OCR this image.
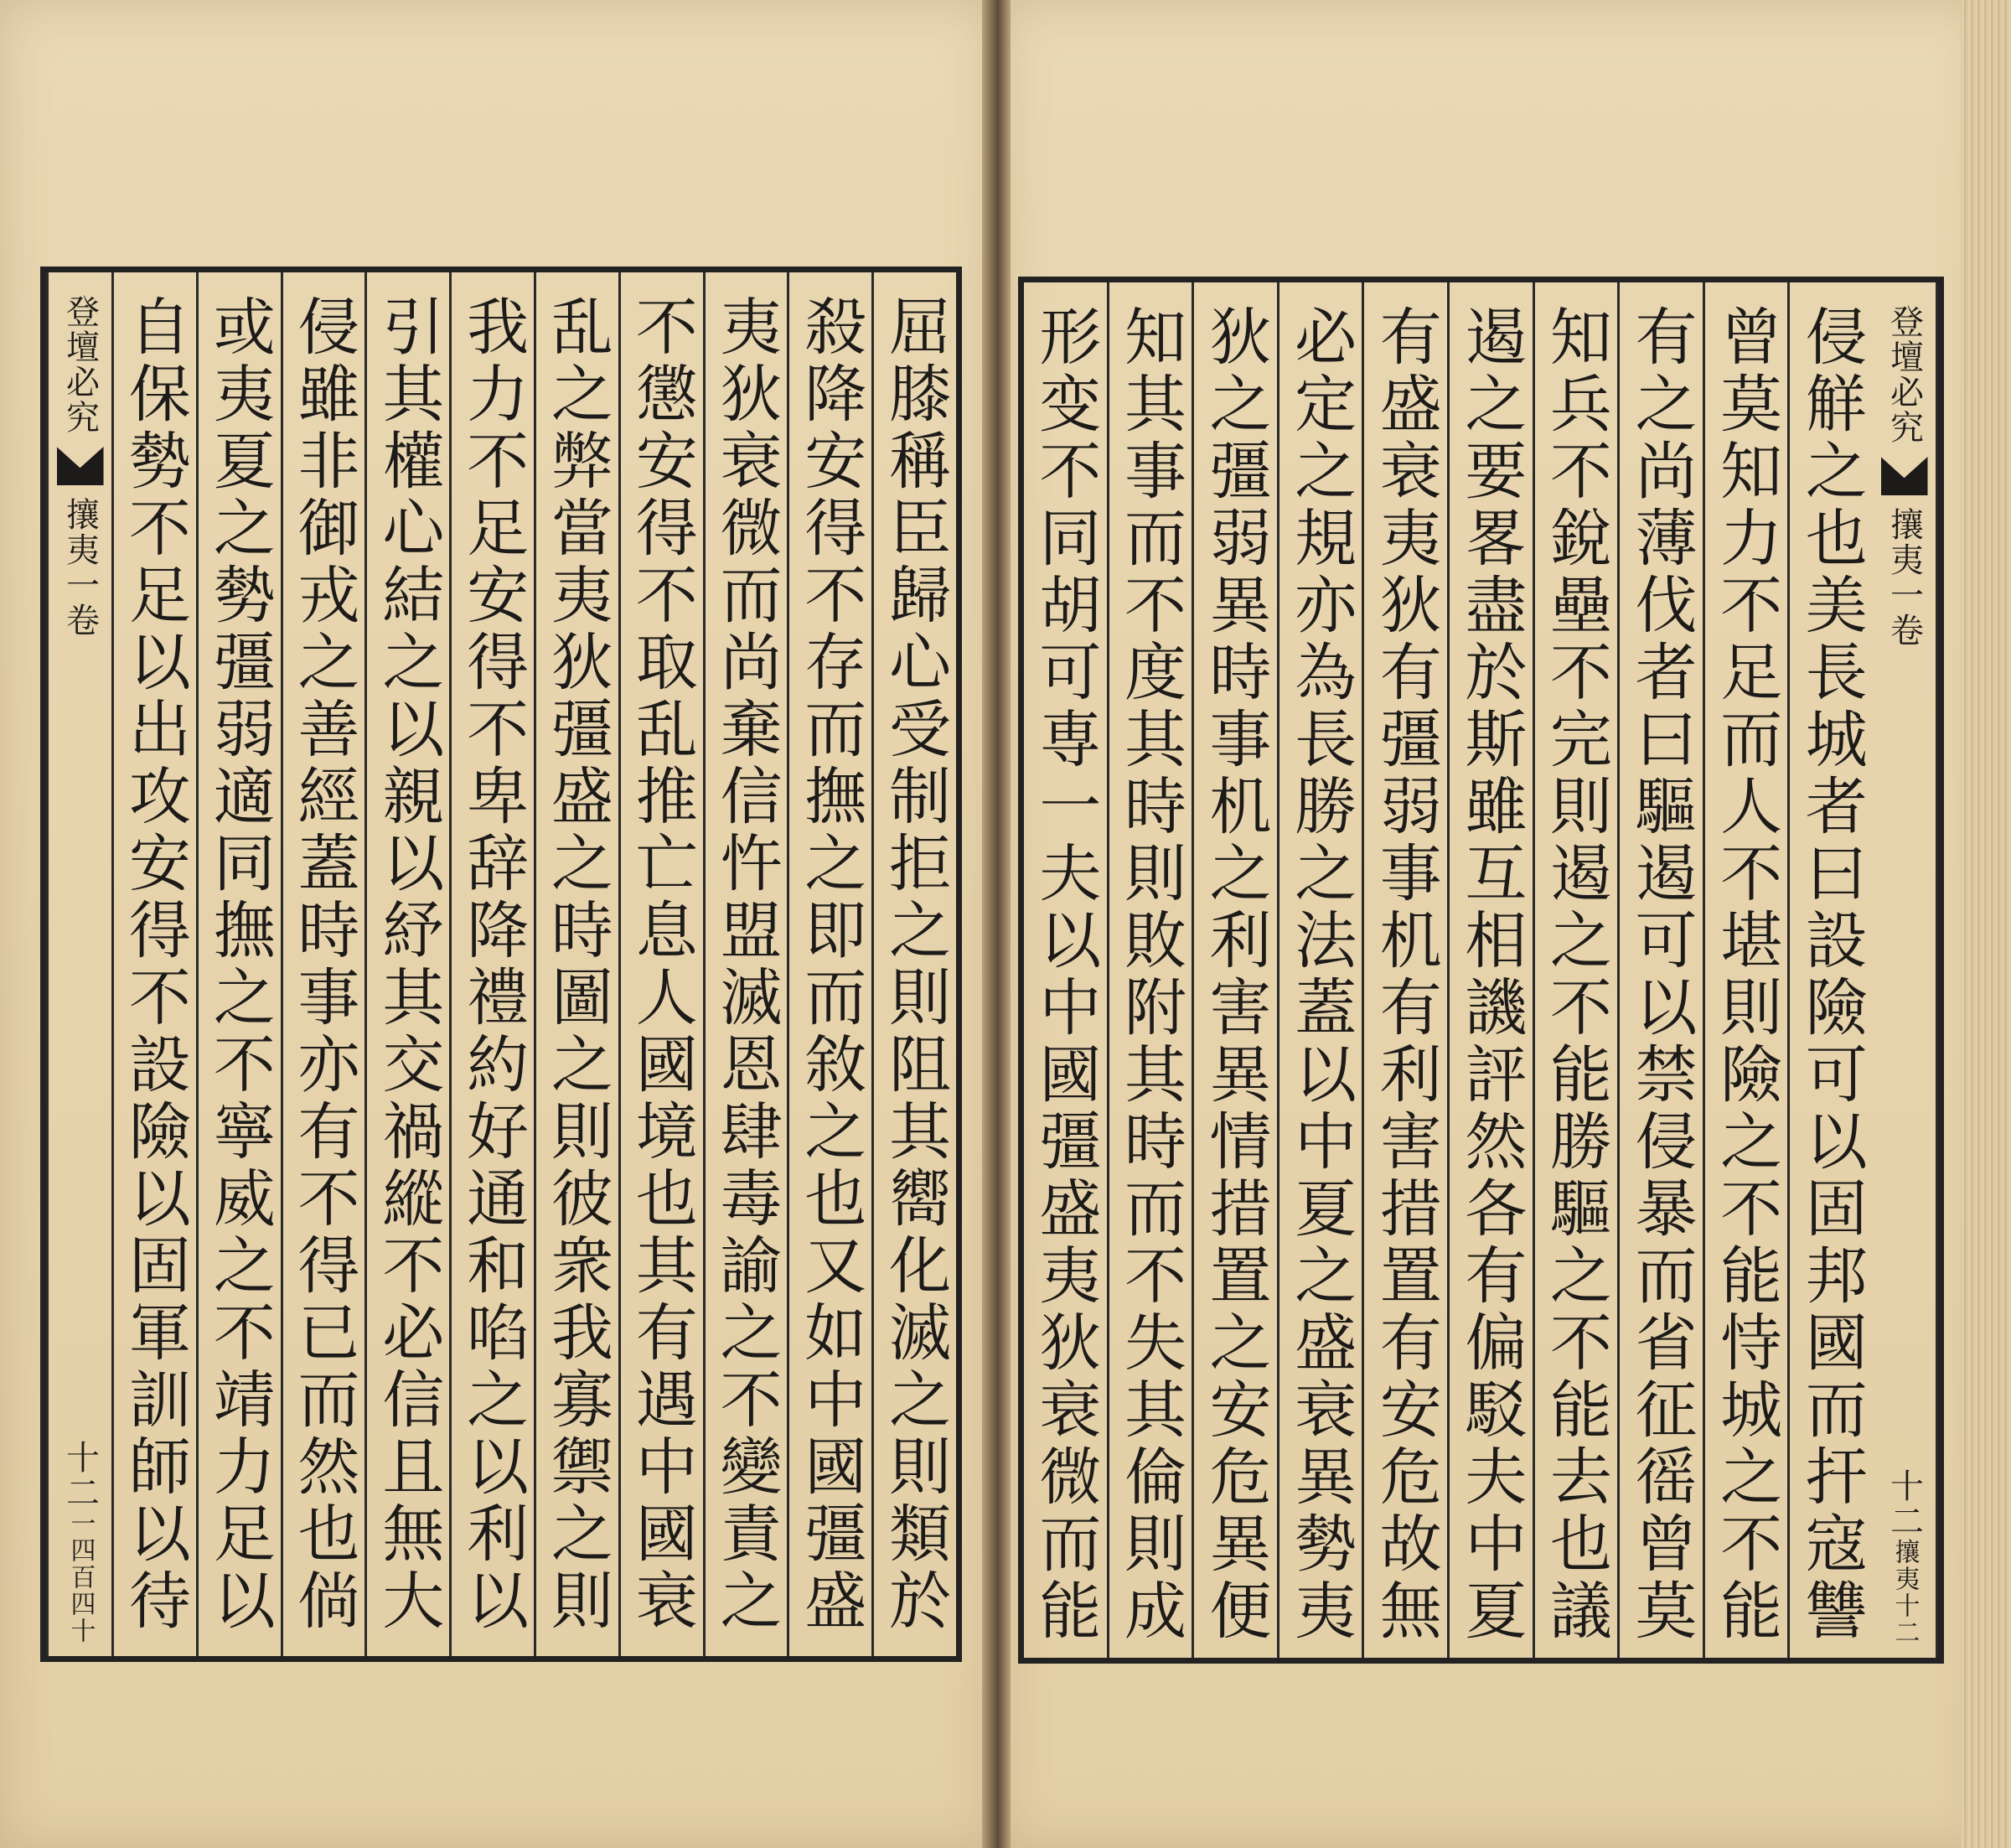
屈膝稱臣歸心受制拒之則阻其嚮化滅之則類於
殺降安得不存而撫之即而敘之也又如中國彊盛
夷狄衰微而尚棄信忤盟滅恩肆毒諭之不變責之
不懲安得不取乱推亡息人國境也其有遇中國衰
乱之弊當夷狄彊盛之時圖之則彼衆我寡禦之則
我力不足安得不卑辞降禮約好通和啗之以利以
引其權心結之以親以紓其交禍縱不必信且無大
侵雖非御戎之善經蓋時事亦有不得已而然也倘
或夷夏之勢彊弱適同撫之不寧威之不靖力足以
自保勢不足以出攻安得不設險以固軍訓師以待
登壇必究
攘夷一卷
十二
一四百四十
登壇必究
攘夷一卷
十二
攘夷十二
侵觧之也美長城者曰設險可以固邦國而扞寇讐
曾莫知力不足而人不堪則險之不能恃城之不能
有之尚薄伐者曰驅遏可以禁侵暴而省征徭曾莫
知兵不銳壘不完則遏之不能勝驅之不能去也議
遏之要畧盡於斯雖互相譏評然各有偏駁夫中夏
有盛衰夷狄有彊弱事机有利害措置有安危故無
必定之規亦為長勝之法蓋以中夏之盛衰異勢夷
狄之彊弱異時事机之利害異情措置之安危異便
知其事而不度其時則敗附其時而不失其倫則成
形变不同胡可専一夫以中國彊盛夷狄衰微而能
